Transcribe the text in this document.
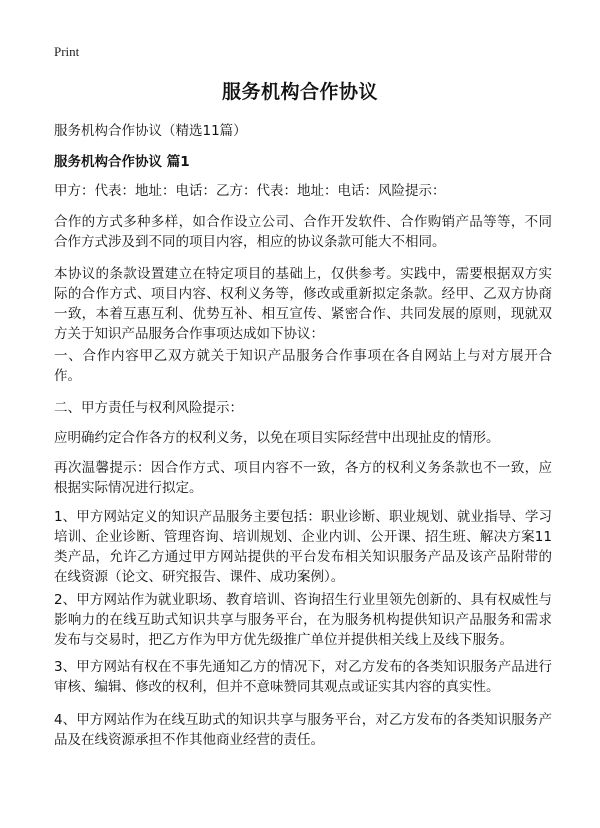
Print
服务机构合作协议

服务机构合作协议（精选11篇）

服务机构合作协议 篇1

甲方：代表：地址：电话：乙方：代表：地址：电话：风险提示：

合作的方式多种多样，如合作设立公司、合作开发软件、合作购销产品等等，不同合作方式涉及到不同的项目内容，相应的协议条款可能大不相同。

本协议的条款设置建立在特定项目的基础上，仅供参考。实践中，需要根据双方实际的合作方式、项目内容、权利义务等，修改或重新拟定条款。经甲、乙双方协商一致，本着互惠互利、优势互补、相互宣传、紧密合作、共同发展的原则，现就双方关于知识产品服务合作事项达成如下协议：

一、合作内容甲乙双方就关于知识产品服务合作事项在各自网站上与对方展开合作。

二、甲方责任与权利风险提示：

应明确约定合作各方的权利义务，以免在项目实际经营中出现扯皮的情形。

再次温馨提示：因合作方式、项目内容不一致，各方的权利义务条款也不一致，应根据实际情况进行拟定。

1、甲方网站定义的知识产品服务主要包括：职业诊断、职业规划、就业指导、学习培训、企业诊断、管理咨询、培训规划、企业内训、公开课、招生班、解决方案11类产品，允许乙方通过甲方网站提供的平台发布相关知识服务产品及该产品附带的在线资源（论文、研究报告、课件、成功案例）。

2、甲方网站作为就业职场、教育培训、咨询招生行业里领先创新的、具有权威性与影响力的在线互助式知识共享与服务平台，在为服务机构提供知识产品服务和需求发布与交易时，把乙方作为甲方优先级推广单位并提供相关线上及线下服务。

3、甲方网站有权在不事先通知乙方的情况下，对乙方发布的各类知识服务产品进行审核、编辑、修改的权利，但并不意味赞同其观点或证实其内容的真实性。

4、甲方网站作为在线互助式的知识共享与服务平台，对乙方发布的各类知识服务产品及在线资源承担不作其他商业经营的责任。
